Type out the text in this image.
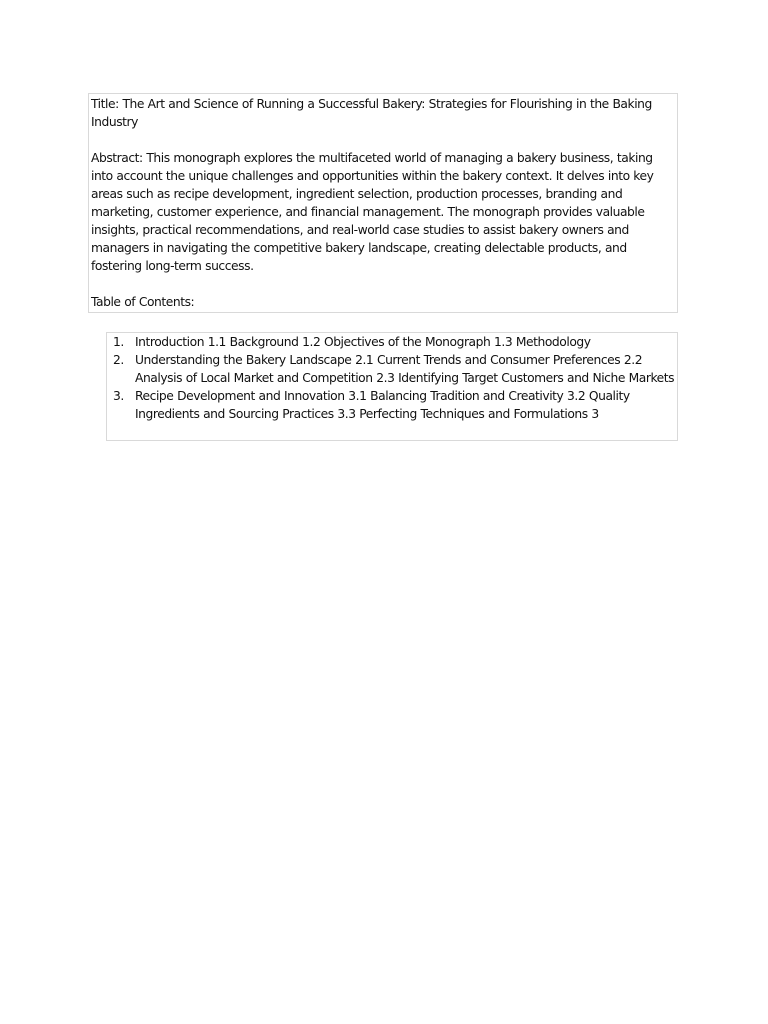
Title: The Art and Science of Running a Successful Bakery: Strategies for Flourishing in the Baking Industry

Abstract: This monograph explores the multifaceted world of managing a bakery business, taking into account the unique challenges and opportunities within the bakery context. It delves into key areas such as recipe development, ingredient selection, production processes, branding and marketing, customer experience, and financial management. The monograph provides valuable insights, practical recommendations, and real-world case studies to assist bakery owners and managers in navigating the competitive bakery landscape, creating delectable products, and fostering long-term success.

Table of Contents:

1. Introduction 1.1 Background 1.2 Objectives of the Monograph 1.3 Methodology
2. Understanding the Bakery Landscape 2.1 Current Trends and Consumer Preferences 2.2 Analysis of Local Market and Competition 2.3 Identifying Target Customers and Niche Markets
3. Recipe Development and Innovation 3.1 Balancing Tradition and Creativity 3.2 Quality Ingredients and Sourcing Practices 3.3 Perfecting Techniques and Formulations 3
